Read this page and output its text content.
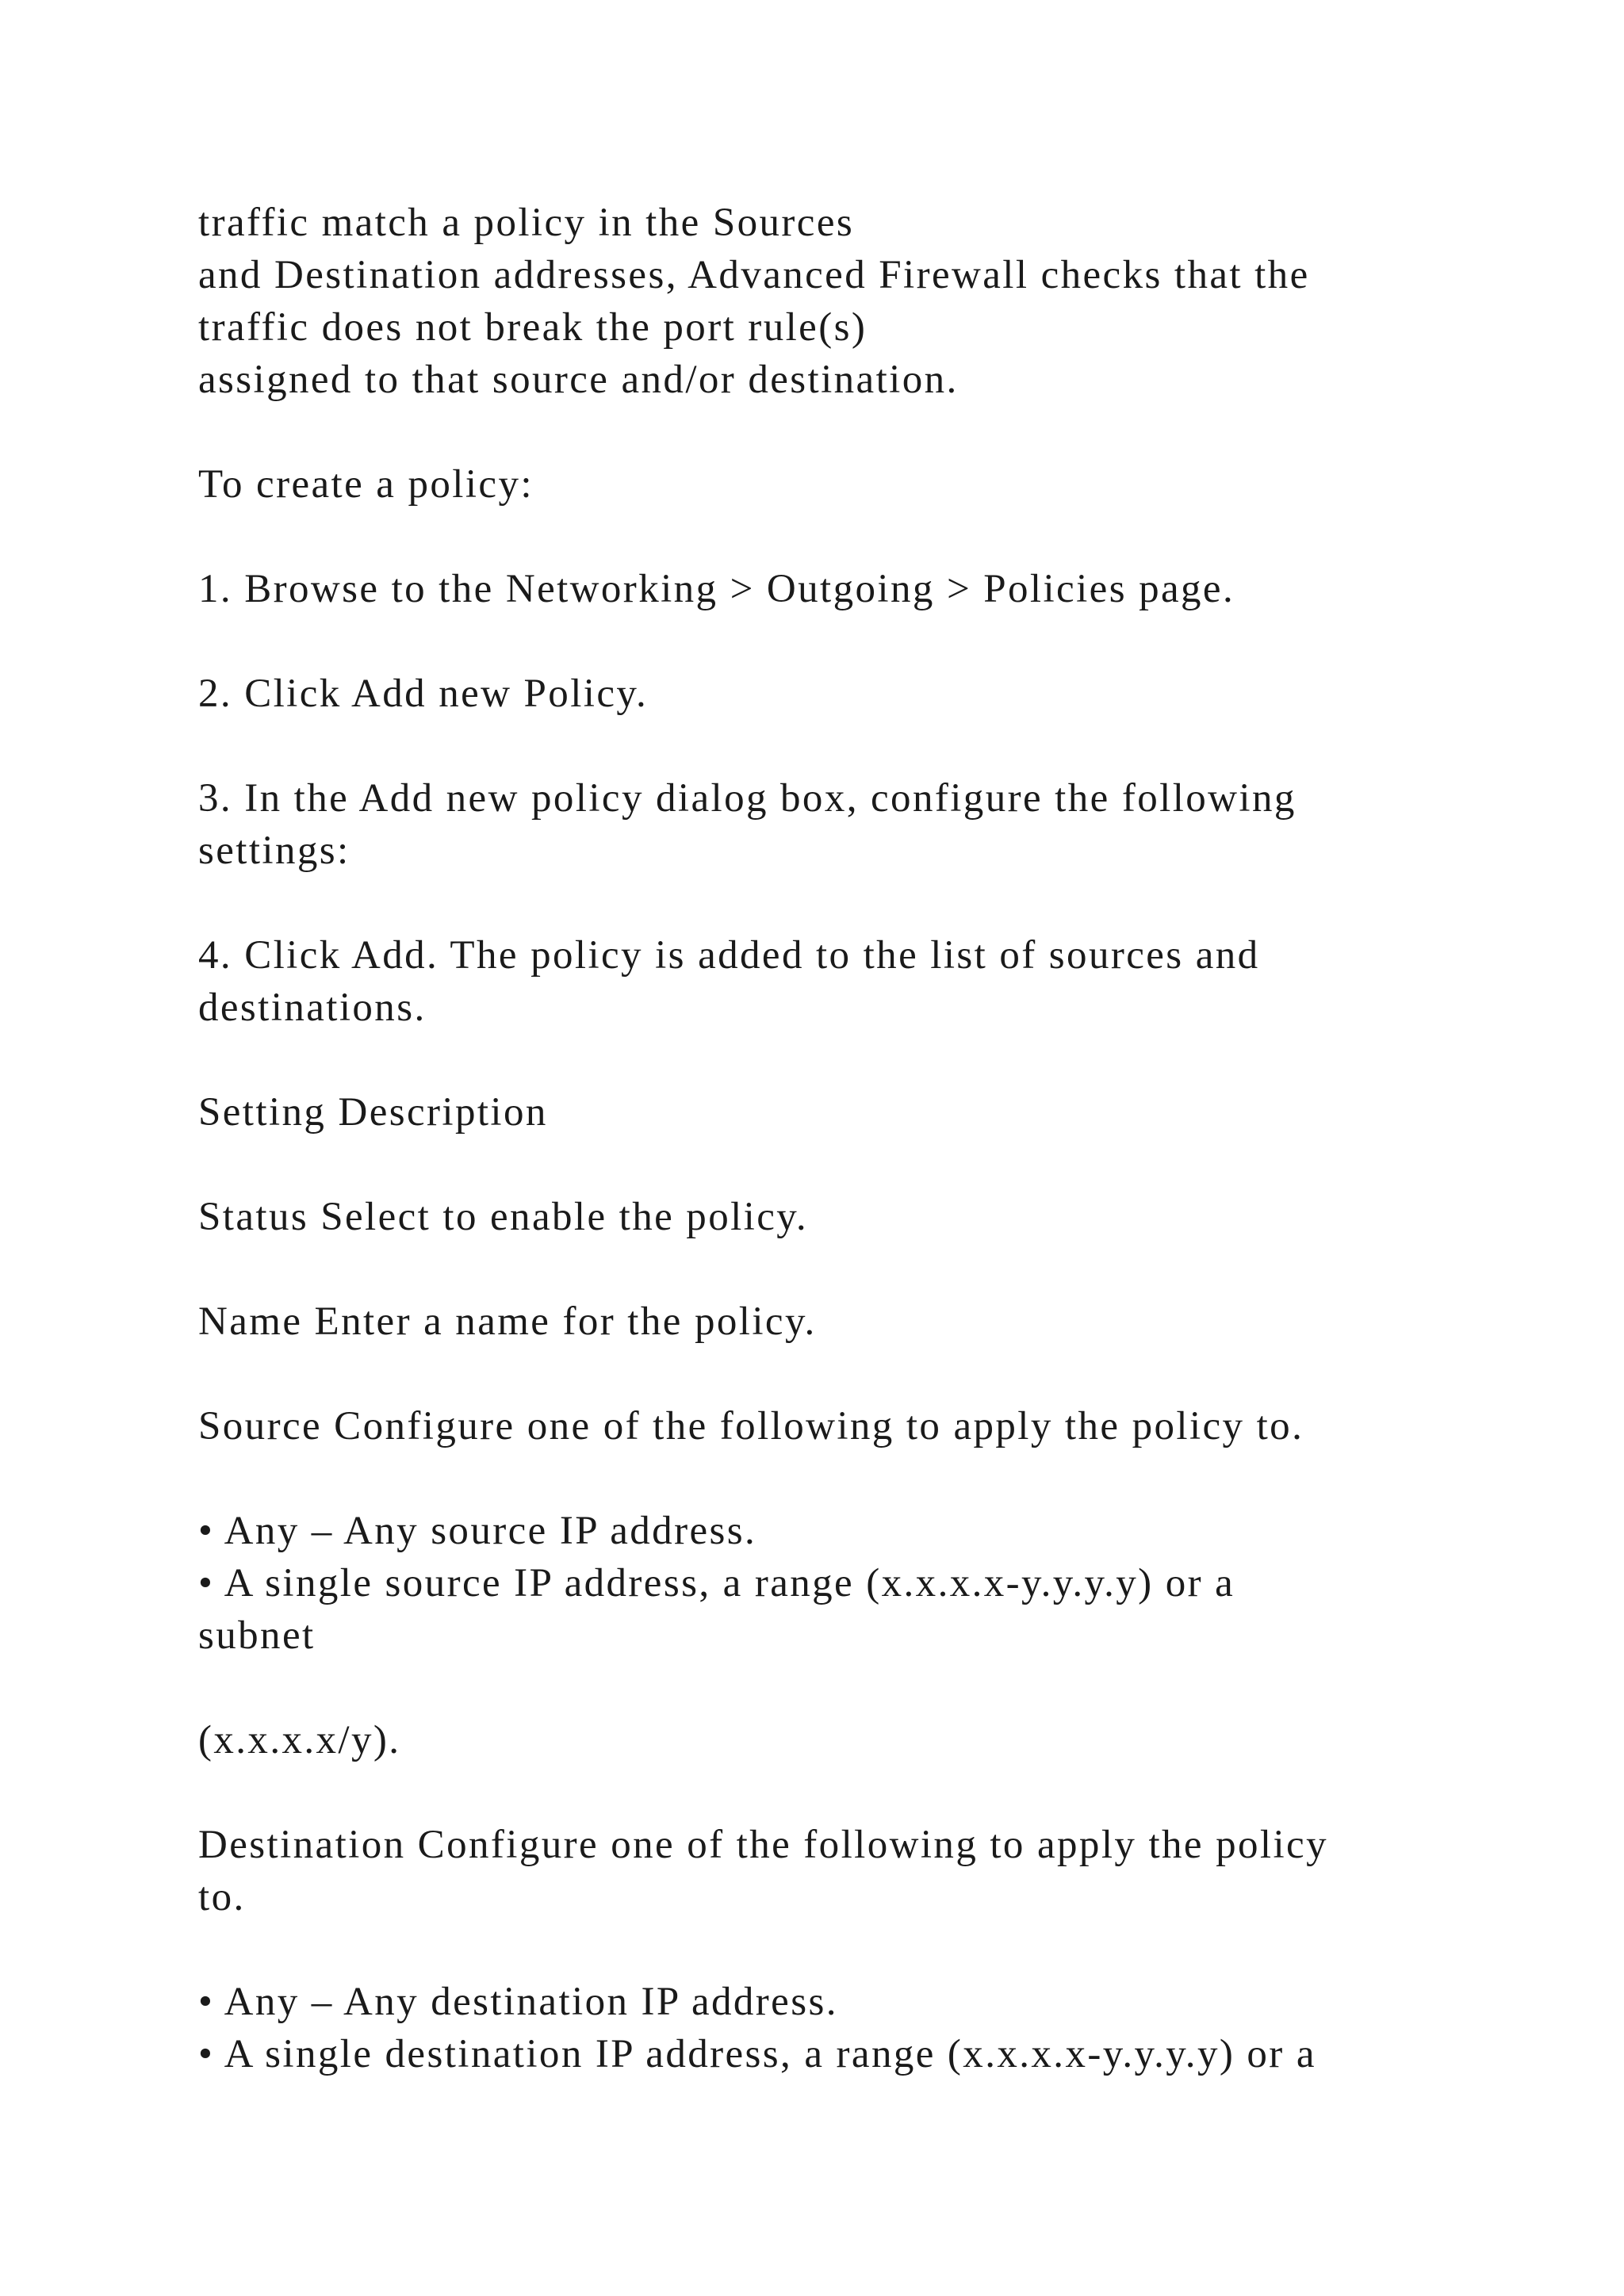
traffic match a policy in the Sources

and Destination addresses, Advanced Firewall checks that the

traffic does not break the port rule(s)

assigned to that source and/or destination.

To create a policy:

1. Browse to the Networking > Outgoing > Policies page.

2. Click Add new Policy.

3. In the Add new policy dialog box, configure the following

settings:

4. Click Add. The policy is added to the list of sources and

destinations.

Setting Description

Status Select to enable the policy.

Name Enter a name for the policy.

Source Configure one of the following to apply the policy to.

• Any – Any source IP address.

• A single source IP address, a range (x.x.x.x-y.y.y.y) or a

subnet

(x.x.x.x/y).

Destination Configure one of the following to apply the policy

to.

• Any – Any destination IP address.

• A single destination IP address, a range (x.x.x.x-y.y.y.y) or a
